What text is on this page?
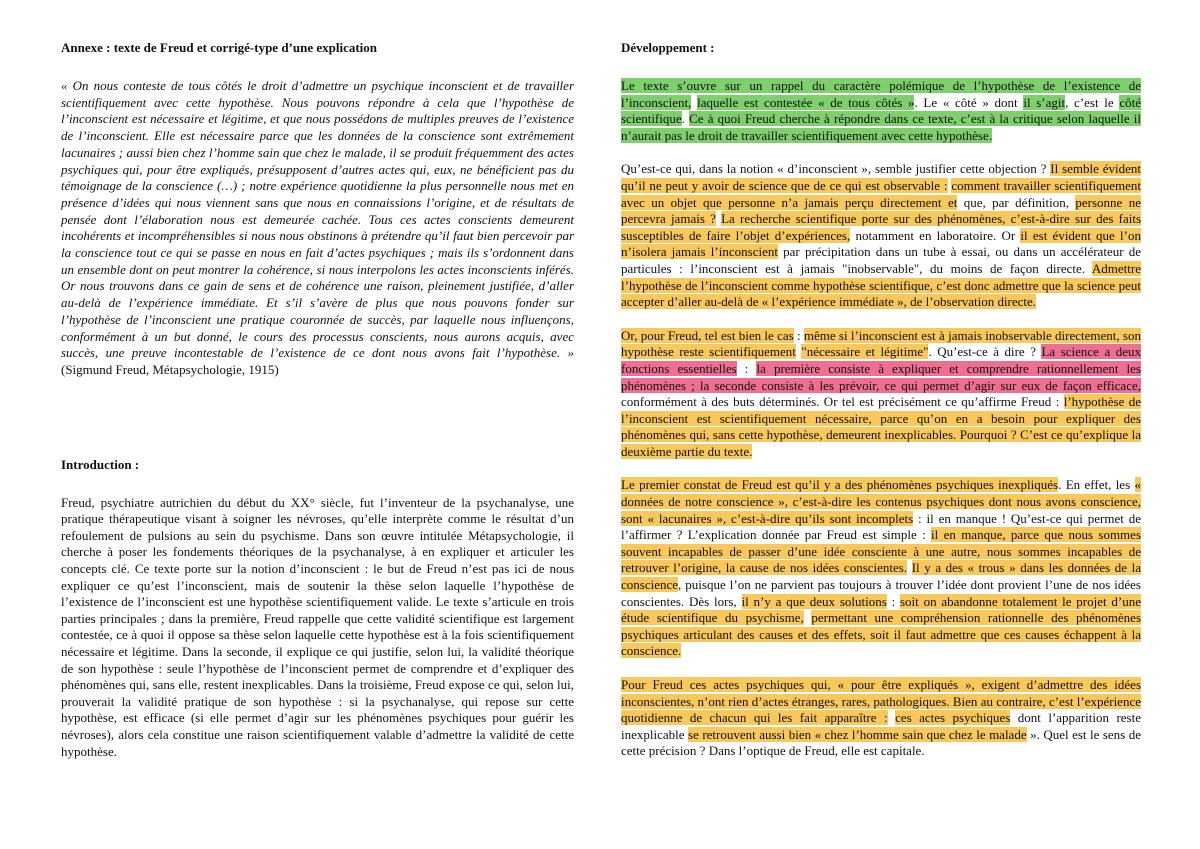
Annexe : texte de Freud et corrigé-type d’une explication

« On nous conteste de tous côtés le droit d’admettre un psychique inconscient et de travailler scientifiquement avec cette hypothèse. Nous pouvons répondre à cela que l’hypothèse de l’inconscient est nécessaire et légitime, et que nous possédons de multiples preuves de l’existence de l’inconscient. Elle est nécessaire parce que les données de la conscience sont extrêmement lacunaires ; aussi bien chez l’homme sain que chez le malade, il se produit fréquemment des actes psychiques qui, pour être expliqués, présupposent d’autres actes qui, eux, ne bénéficient pas du témoignage de la conscience (…) ; notre expérience quotidienne la plus personnelle nous met en présence d’idées qui nous viennent sans que nous en connaissions l’origine, et de résultats de pensée dont l’élaboration nous est demeurée cachée. Tous ces actes conscients demeurent incohérents et incompréhensibles si nous nous obstinons à prétendre qu’il faut bien percevoir par la conscience tout ce qui se passe en nous en fait d’actes psychiques ; mais ils s’ordonnent dans un ensemble dont on peut montrer la cohérence, si nous interpolons les actes inconscients inférés. Or nous trouvons dans ce gain de sens et de cohérence une raison, pleinement justifiée, d’aller au-delà de l’expérience immédiate. Et s’il s’avère de plus que nous pouvons fonder sur l’hypothèse de l’inconscient une pratique couronnée de succès, par laquelle nous influençons, conformément à un but donné, le cours des processus conscients, nous aurons acquis, avec succès, une preuve incontestable de l’existence de ce dont nous avons fait l’hypothèse. » (Sigmund Freud, Métapsychologie, 1915)

Introduction :

Freud, psychiatre autrichien du début du XX° siècle, fut l’inventeur de la psychanalyse, une pratique thérapeutique visant à soigner les névroses, qu’elle interprète comme le résultat d’un refoulement de pulsions au sein du psychisme. Dans son œuvre intitulée Métapsychologie, il cherche à poser les fondements théoriques de la psychanalyse, à en expliquer et articuler les concepts clé. Ce texte porte sur la notion d’inconscient : le but de Freud n’est pas ici de nous expliquer ce qu’est l’inconscient, mais de soutenir la thèse selon laquelle l’hypothèse de l’existence de l’inconscient est une hypothèse scientifiquement valide. Le texte s’articule en trois parties principales ; dans la première, Freud rappelle que cette validité scientifique est largement contestée, ce à quoi il oppose sa thèse selon laquelle cette hypothèse est à la fois scientifiquement nécessaire et légitime. Dans la seconde, il explique ce qui justifie, selon lui, la validité théorique de son hypothèse : seule l’hypothèse de l’inconscient permet de comprendre et d’expliquer des phénomènes qui, sans elle, restent inexplicables. Dans la troisième, Freud expose ce qui, selon lui, prouverait la validité pratique de son hypothèse : si la psychanalyse, qui repose sur cette hypothèse, est efficace (si elle permet d’agir sur les phénomènes psychiques pour guérir les névroses), alors cela constitue une raison scientifiquement valable d’admettre la validité de cette hypothèse.

Développement :

Le texte s’ouvre sur un rappel du caractère polémique de l’hypothèse de l’existence de l’inconscient, laquelle est contestée « de tous côtés ». Le « côté » dont il s’agit, c’est le côté scientifique. Ce à quoi Freud cherche à répondre dans ce texte, c’est à la critique selon laquelle il n’aurait pas le droit de travailler scientifiquement avec cette hypothèse.

Qu’est-ce qui, dans la notion « d’inconscient », semble justifier cette objection ? Il semble évident qu’il ne peut y avoir de science que de ce qui est observable : comment travailler scientifiquement avec un objet que personne n’a jamais perçu directement et que, par définition, personne ne percevra jamais ? La recherche scientifique porte sur des phénomènes, c’est-à-dire sur des faits susceptibles de faire l’objet d’expériences, notamment en laboratoire. Or il est évident que l’on n’isolera jamais l’inconscient par précipitation dans un tube à essai, ou dans un accélérateur de particules : l’inconscient est à jamais "inobservable", du moins de façon directe. Admettre l’hypothèse de l’inconscient comme hypothèse scientifique, c’est donc admettre que la science peut accepter d’aller au-delà de « l’expérience immédiate », de l’observation directe.

Or, pour Freud, tel est bien le cas : même si l’inconscient est à jamais inobservable directement, son hypothèse reste scientifiquement "nécessaire et légitime". Qu’est-ce à dire ? La science a deux fonctions essentielles : la première consiste à expliquer et comprendre rationnellement les phénomènes ; la seconde consiste à les prévoir, ce qui permet d’agir sur eux de façon efficace, conformément à des buts déterminés. Or tel est précisément ce qu’affirme Freud : l’hypothèse de l’inconscient est scientifiquement nécessaire, parce qu’on en a besoin pour expliquer des phénomènes qui, sans cette hypothèse, demeurent inexplicables. Pourquoi ? C’est ce qu’explique la deuxième partie du texte.

Le premier constat de Freud est qu’il y a des phénomènes psychiques inexpliqués. En effet, les « données de notre conscience », c’est-à-dire les contenus psychiques dont nous avons conscience, sont « lacunaires », c’est-à-dire qu’ils sont incomplets : il en manque ! Qu’est-ce qui permet de l’affirmer ? L’explication donnée par Freud est simple : il en manque, parce que nous sommes souvent incapables de passer d’une idée consciente à une autre, nous sommes incapables de retrouver l’origine, la cause de nos idées conscientes. Il y a des « trous » dans les données de la conscience, puisque l’on ne parvient pas toujours à trouver l’idée dont provient l’une de nos idées conscientes. Dès lors, il n’y a que deux solutions : soit on abandonne totalement le projet d’une étude scientifique du psychisme, permettant une compréhension rationnelle des phénomènes psychiques articulant des causes et des effets, soit il faut admettre que ces causes échappent à la conscience.

Pour Freud ces actes psychiques qui, « pour être expliqués », exigent d’admettre des idées inconscientes, n’ont rien d’actes étranges, rares, pathologiques. Bien au contraire, c’est l’expérience quotidienne de chacun qui les fait apparaître : ces actes psychiques dont l’apparition reste inexplicable se retrouvent aussi bien « chez l’homme sain que chez le malade ». Quel est le sens de cette précision ? Dans l’optique de Freud, elle est capitale.
